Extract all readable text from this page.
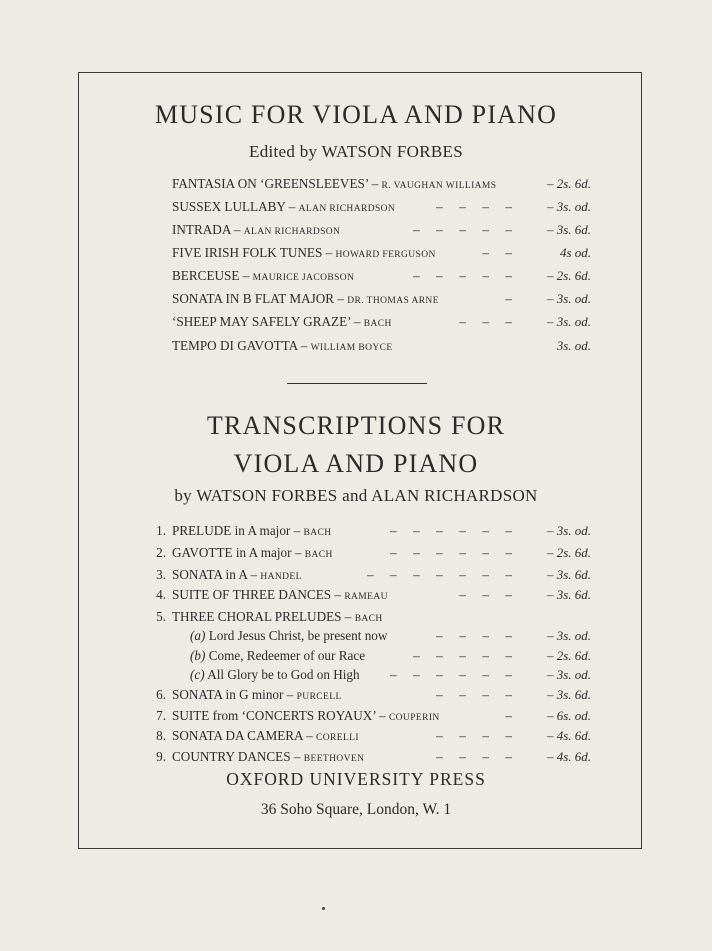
MUSIC FOR VIOLA AND PIANO
Edited by WATSON FORBES
FANTASIA ON ‘GREENSLEEVES’ – R. VAUGHAN WILLIAMS	– 2s. 6d.
SUSSEX LULLABY – ALAN RICHARDSON	–     –     –     –	– 3s. od.
INTRADA – ALAN RICHARDSON	–     –     –     –     –	– 3s. 6d.
FIVE IRISH FOLK TUNES – HOWARD FERGUSON	–     –	4s od.
BERCEUSE – MAURICE JACOBSON	–     –     –     –     –	– 2s. 6d.
SONATA IN B FLAT MAJOR – DR. THOMAS ARNE	–	– 3s. od.
‘SHEEP MAY SAFELY GRAZE’ – BACH	–     –     –	– 3s. od.
TEMPO DI GAVOTTA – WILLIAM BOYCE	3s. od.
TRANSCRIPTIONS FOR
VIOLA AND PIANO
by WATSON FORBES and ALAN RICHARDSON
1. PRELUDE in A major – BACH	–     –     –     –     –     –	– 3s. od.
2. GAVOTTE in A major – BACH	–     –     –     –     –     –	– 2s. 6d.
3. SONATA in A – HANDEL	–     –     –     –     –     –     –	– 3s. 6d.
4. SUITE OF THREE DANCES – RAMEAU	–     –     –	– 3s. 6d.
5. THREE CHORAL PRELUDES – BACH
(a) Lord Jesus Christ, be present now	–     –     –     –	– 3s. od.
(b) Come, Redeemer of our Race	–     –     –     –     –	– 2s. 6d.
(c) All Glory be to God on High –     –     –     –     –     –	– 3s. od.
6. SONATA in G minor – PURCELL	–     –     –     –	– 3s. 6d.
7. SUITE from ‘CONCERTS ROYAUX’ – COUPERIN	–	– 6s. od.
8. SONATA DA CAMERA – CORELLI	–     –     –     –	– 4s. 6d.
9. COUNTRY DANCES – BEETHOVEN	–     –     –     –	– 4s. 6d.
OXFORD UNIVERSITY PRESS
36 Soho Square, London, W. 1
